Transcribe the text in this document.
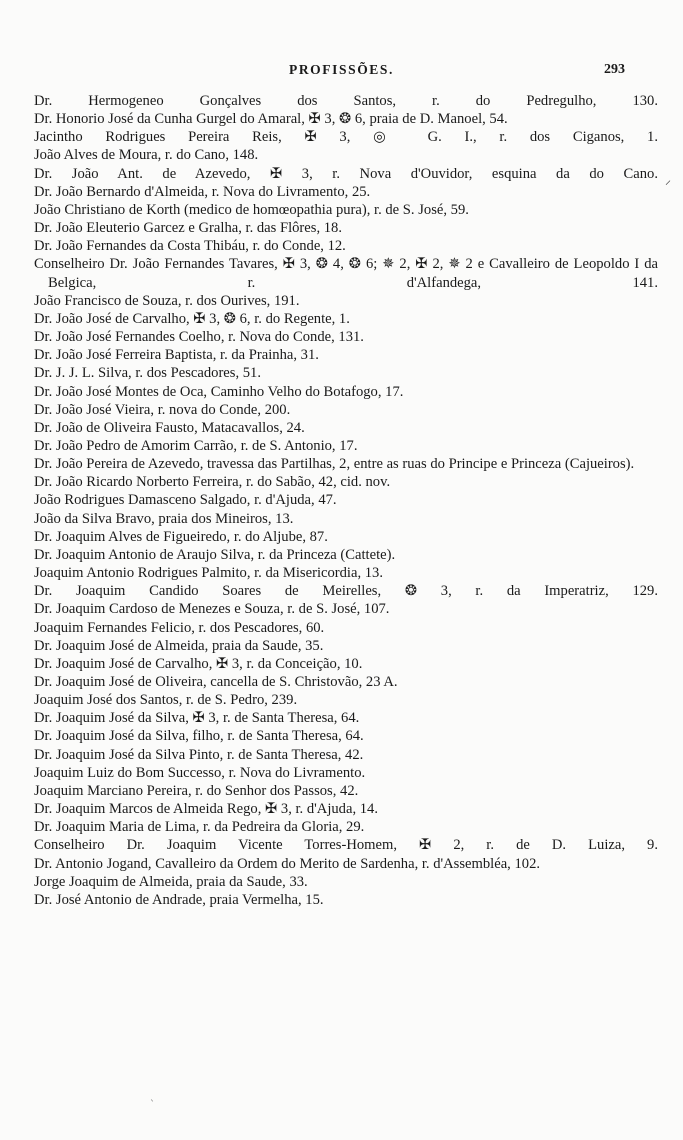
PROFISSÕES.	293
⸍

Dr. Hermogeneo Gonçalves dos Santos, r. do Pedregulho, 130.

Dr. Honorio José da Cunha Gurgel do Amaral, ✠ 3, ❂ 6, praia de D. Manoel, 54.

Jacintho Rodrigues Pereira Reis, ✠ 3, ◎ G. I., r. dos Ciganos, 1.

João Alves de Moura, r. do Cano, 148.

Dr. João Ant. de Azevedo, ✠ 3, r. Nova d'Ouvidor, esquina da do Cano.

Dr. João Bernardo d'Almeida, r. Nova do Livramento, 25.

João Christiano de Korth (medico de homœopathia pura), r. de S. José, 59.

Dr. João Eleuterio Garcez e Gralha, r. das Flôres, 18.

Dr. João Fernandes da Costa Thibáu, r. do Conde, 12.

Conselheiro Dr. João Fernandes Tavares, ✠ 3, ❂ 4, ❂ 6; ✵ 2, ✠ 2, ✵ 2 e Cavalleiro de Leopoldo I da Belgica, r. d'Alfandega, 141.

João Francisco de Souza, r. dos Ourives, 191.

Dr. João José de Carvalho, ✠ 3, ❂ 6, r. do Regente, 1.

Dr. João José Fernandes Coelho, r. Nova do Conde, 131.

Dr. João José Ferreira Baptista, r. da Prainha, 31.

Dr. J. J. L. Silva, r. dos Pescadores, 51.

Dr. João José Montes de Oca, Caminho Velho do Botafogo, 17.

Dr. João José Vieira, r. nova do Conde, 200.

Dr. João de Oliveira Fausto, Matacavallos, 24.

Dr. João Pedro de Amorim Carrão, r. de S. Antonio, 17.

Dr. João Pereira de Azevedo, travessa das Partilhas, 2, entre as ruas do Principe e Princeza (Cajueiros).

Dr. João Ricardo Norberto Ferreira, r. do Sabão, 42, cid. nov.

João Rodrigues Damasceno Salgado, r. d'Ajuda, 47.

João da Silva Bravo, praia dos Mineiros, 13.

Dr. Joaquim Alves de Figueiredo, r. do Aljube, 87.

Dr. Joaquim Antonio de Araujo Silva, r. da Princeza (Cattete).

Joaquim Antonio Rodrigues Palmito, r. da Misericordia, 13.

Dr. Joaquim Candido Soares de Meirelles, ❂ 3, r. da Imperatriz, 129.

Dr. Joaquim Cardoso de Menezes e Souza, r. de S. José, 107.

Joaquim Fernandes Felicio, r. dos Pescadores, 60.

Dr. Joaquim José de Almeida, praia da Saude, 35.

Dr. Joaquim José de Carvalho, ✠ 3, r. da Conceição, 10.

Dr. Joaquim José de Oliveira, cancella de S. Christovão, 23 A.

Joaquim José dos Santos, r. de S. Pedro, 239.

Dr. Joaquim José da Silva, ✠ 3, r. de Santa Theresa, 64.

Dr. Joaquim José da Silva, filho, r. de Santa Theresa, 64.

Dr. Joaquim José da Silva Pinto, r. de Santa Theresa, 42.

Joaquim Luiz do Bom Successo, r. Nova do Livramento.

Joaquim Marciano Pereira, r. do Senhor dos Passos, 42.

Dr. Joaquim Marcos de Almeida Rego, ✠ 3, r. d'Ajuda, 14.

Dr. Joaquim Maria de Lima, r. da Pedreira da Gloria, 29.

Conselheiro Dr. Joaquim Vicente Torres-Homem, ✠ 2, r. de D. Luiza, 9.

Dr. Antonio Jogand, Cavalleiro da Ordem do Merito de Sardenha, r. d'Assembléa, 102.

Jorge Joaquim de Almeida, praia da Saude, 33.

Dr. José Antonio de Andrade, praia Vermelha, 15.

ˋ
